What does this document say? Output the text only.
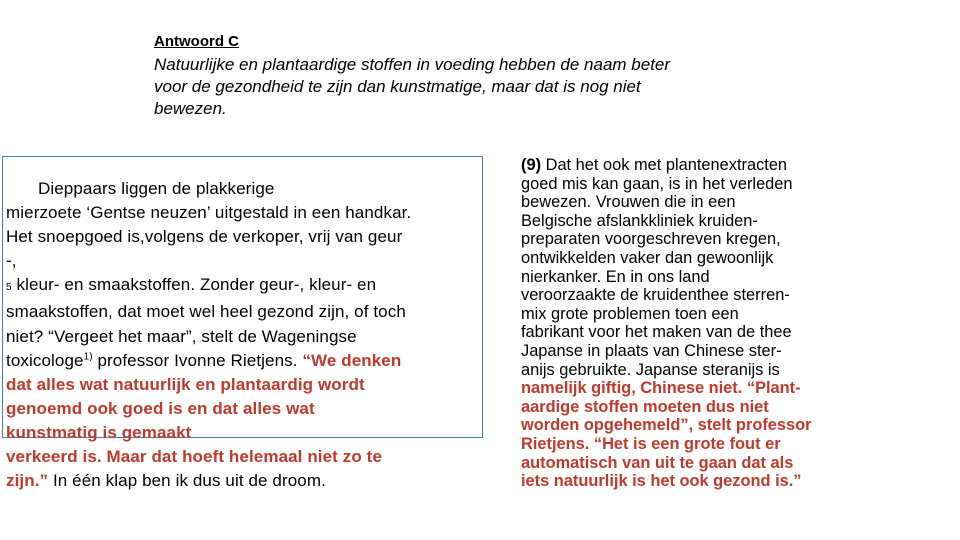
Antwoord C
Natuurlijke en plantaardige stoffen in voeding hebben de naam beter
voor de gezondheid te zijn dan kunstmatige, maar dat is nog niet
bewezen.
Dieppaars liggen de plakkerige
mierzoete ‘Gentse neuzen’ uitgestald in een handkar.
Het snoepgoed is,volgens de verkoper, vrij van geur
-,
5 kleur- en smaakstoffen. Zonder geur-, kleur- en
smaakstoffen, dat moet wel heel gezond zijn, of toch
niet? “Vergeet het maar”, stelt de Wageningse
toxicologe$^{1)}$ professor Ivonne Rietjens. “We denken
dat alles wat natuurlijk en plantaardig wordt
genoemd ook goed is en dat alles wat
kunstmatig is gemaakt
verkeerd is. Maar dat hoeft helemaal niet zo te
zijn.” In één klap ben ik dus uit de droom.
(9) Dat het ook met plantenextracten
goed mis kan gaan, is in het verleden
bewezen. Vrouwen die in een
Belgische afslankkliniek kruiden-
preparaten voorgeschreven kregen,
ontwikkelden vaker dan gewoonlijk
nierkanker. En in ons land
veroorzaakte de kruidenthee sterren-
mix grote problemen toen een
fabrikant voor het maken van de thee
Japanse in plaats van Chinese ster-
anijs gebruikte. Japanse steranijs is
namelijk giftig, Chinese niet. “Plant-
aardige stoffen moeten dus niet
worden opgehemeld”, stelt professor
Rietjens. “Het is een grote fout er
automatisch van uit te gaan dat als
iets natuurlijk is het ook gezond is.”
